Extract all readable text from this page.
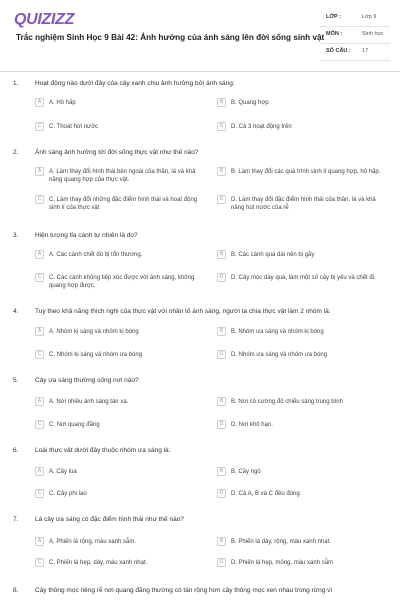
QUIZIZZ
Trắc nghiệm Sinh Học 9 Bài 42: Ảnh hưởng của ánh sáng lên đời sống sinh vật
LỚP :	Lớp 9
MÔN :	Sinh học
SỐ CÂU : 17
1.	Hoạt động nào dưới đây của cây xanh chịu ảnh hưởng bởi ánh sáng:
A	A. Hô hấp	B	B. Quang hợp
C	C. Thoát hơi nước	D	D. Cả 3 hoạt động trên
2.	Ánh sáng ảnh hưởng tới đời sống thực vật như thế nào?
A	A. Làm thay đổi hình thái bên ngoài của thân, lá và khả năng quang hợp của thực vật.
B	B. Làm thay đổi các quá trình sinh lí quang hợp, hô hấp.
C	C. Làm thay đổi những đặc điểm hình thái và hoạt động sinh lí của thực vật
D	D. Làm thay đổi đặc điểm hình thái của thân, lá và khả năng hút nước của rễ
3.	Hiện tượng tỉa cành tự nhiên là do?
A	A. Các cành chết do bị tổn thương.	B	B. Các cành quá dài nên bị gãy
C	C. Các cành không tiếp xúc được với ánh sáng, không quang hợp được.
D	D. Cây mọc dày quá, làm một số cây bị yếu và chết đi.
4.	Tuỳ theo khả năng thích nghi của thực vật với nhân tố ánh sáng, người ta chia thực vật làm 2 nhóm là:
A	A. Nhóm kị sáng và nhóm kị bóng	B	B. Nhóm ưa sáng và nhóm kị bóng
C	C. Nhóm kị sáng và nhóm ưa bóng	D	D. Nhóm ưa sáng và nhóm ưa bóng
5.	Cây ưa sáng thường sống nơi nào?
A	A. Nơi nhiều ánh sáng tán xạ.	B	B. Nơi có cường độ chiếu sáng trung bình
C	C. Nơi quang đãng	D	D. Nơi khô hạn.
6.	Loài thực vật dưới đây thuộc nhóm ưa sáng là:
A	A. Cây lúa	B	B. Cây ngô
C	C. Cây phi lao	D	D. Cả A, B và C đều đúng
7.	Lá cây ưa sáng có đặc điểm hình thái như thế nào?
A	A. Phiến lá rộng, màu xanh sẫm.	B	B. Phiến lá dày, rộng, màu xanh nhạt.
C	C. Phiến lá hẹp, dày, màu xanh nhạt.	D	D. Phiến lá hẹp, mỏng, màu xanh sẫm
8.	Cây thông mọc riêng rẽ nơi quang đãng thường có tán rộng hơn cây thông mọc xen nhau trong rừng vì
